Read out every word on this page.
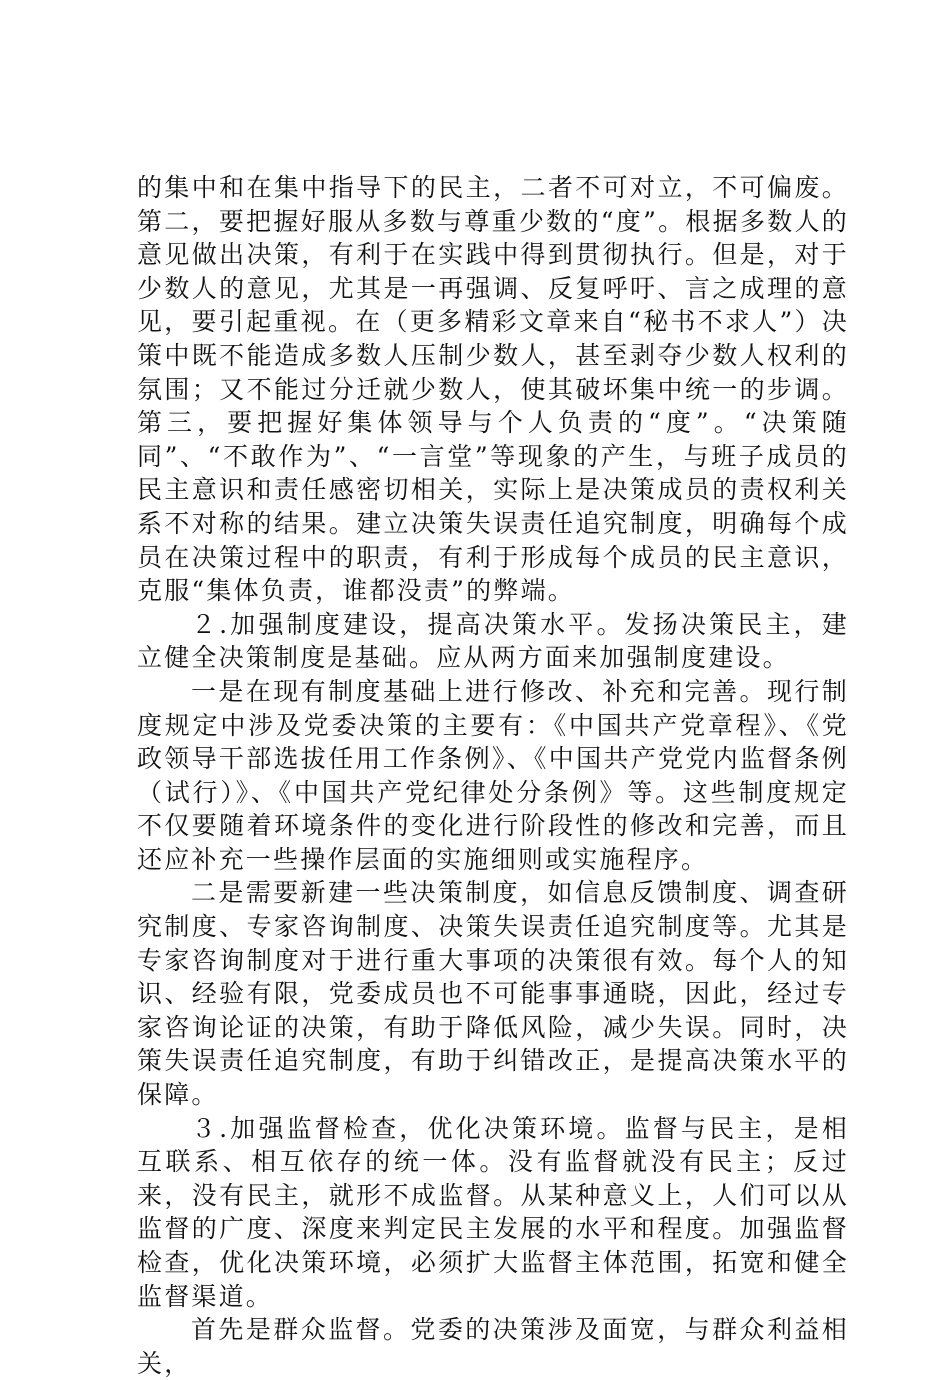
的集中和在集中指导下的民主，二者不可对立，不可偏废。第二，要把握好服从多数与尊重少数的“度”。根据多数人的意见做出决策，有利于在实践中得到贯彻执行。但是，对于少数人的意见，尤其是一再强调、反复呼吁、言之成理的意见，要引起重视。在（更多精彩文章来自“秘书不求人”）决策中既不能造成多数人压制少数人，甚至剥夺少数人权利的氛围；又不能过分迁就少数人，使其破坏集中统一的步调。第三，要把握好集体领导与个人负责的“度”。“决策随同”、“不敢作为”、“一言堂”等现象的产生，与班子成员的民主意识和责任感密切相关，实际上是决策成员的责权利关系不对称的结果。建立决策失误责任追究制度，明确每个成员在决策过程中的职责，有利于形成每个成员的民主意识，克服“集体负责，谁都没责”的弊端。

２.加强制度建设，提高决策水平。发扬决策民主，建立健全决策制度是基础。应从两方面来加强制度建设。

一是在现有制度基础上进行修改、补充和完善。现行制度规定中涉及党委决策的主要有：《中国共产党章程》、《党政领导干部选拔任用工作条例》、《中国共产党党内监督条例（试行）》、《中国共产党纪律处分条例》等。这些制度规定不仅要随着环境条件的变化进行阶段性的修改和完善，而且还应补充一些操作层面的实施细则或实施程序。

二是需要新建一些决策制度，如信息反馈制度、调查研究制度、专家咨询制度、决策失误责任追究制度等。尤其是专家咨询制度对于进行重大事项的决策很有效。每个人的知识、经验有限，党委成员也不可能事事通晓，因此，经过专家咨询论证的决策，有助于降低风险，减少失误。同时，决策失误责任追究制度，有助于纠错改正，是提高决策水平的保障。

３.加强监督检查，优化决策环境。监督与民主，是相互联系、相互依存的统一体。没有监督就没有民主；反过来，没有民主，就形不成监督。从某种意义上，人们可以从监督的广度、深度来判定民主发展的水平和程度。加强监督检查，优化决策环境，必须扩大监督主体范围，拓宽和健全监督渠道。

首先是群众监督。党委的决策涉及面宽，与群众利益相关，
